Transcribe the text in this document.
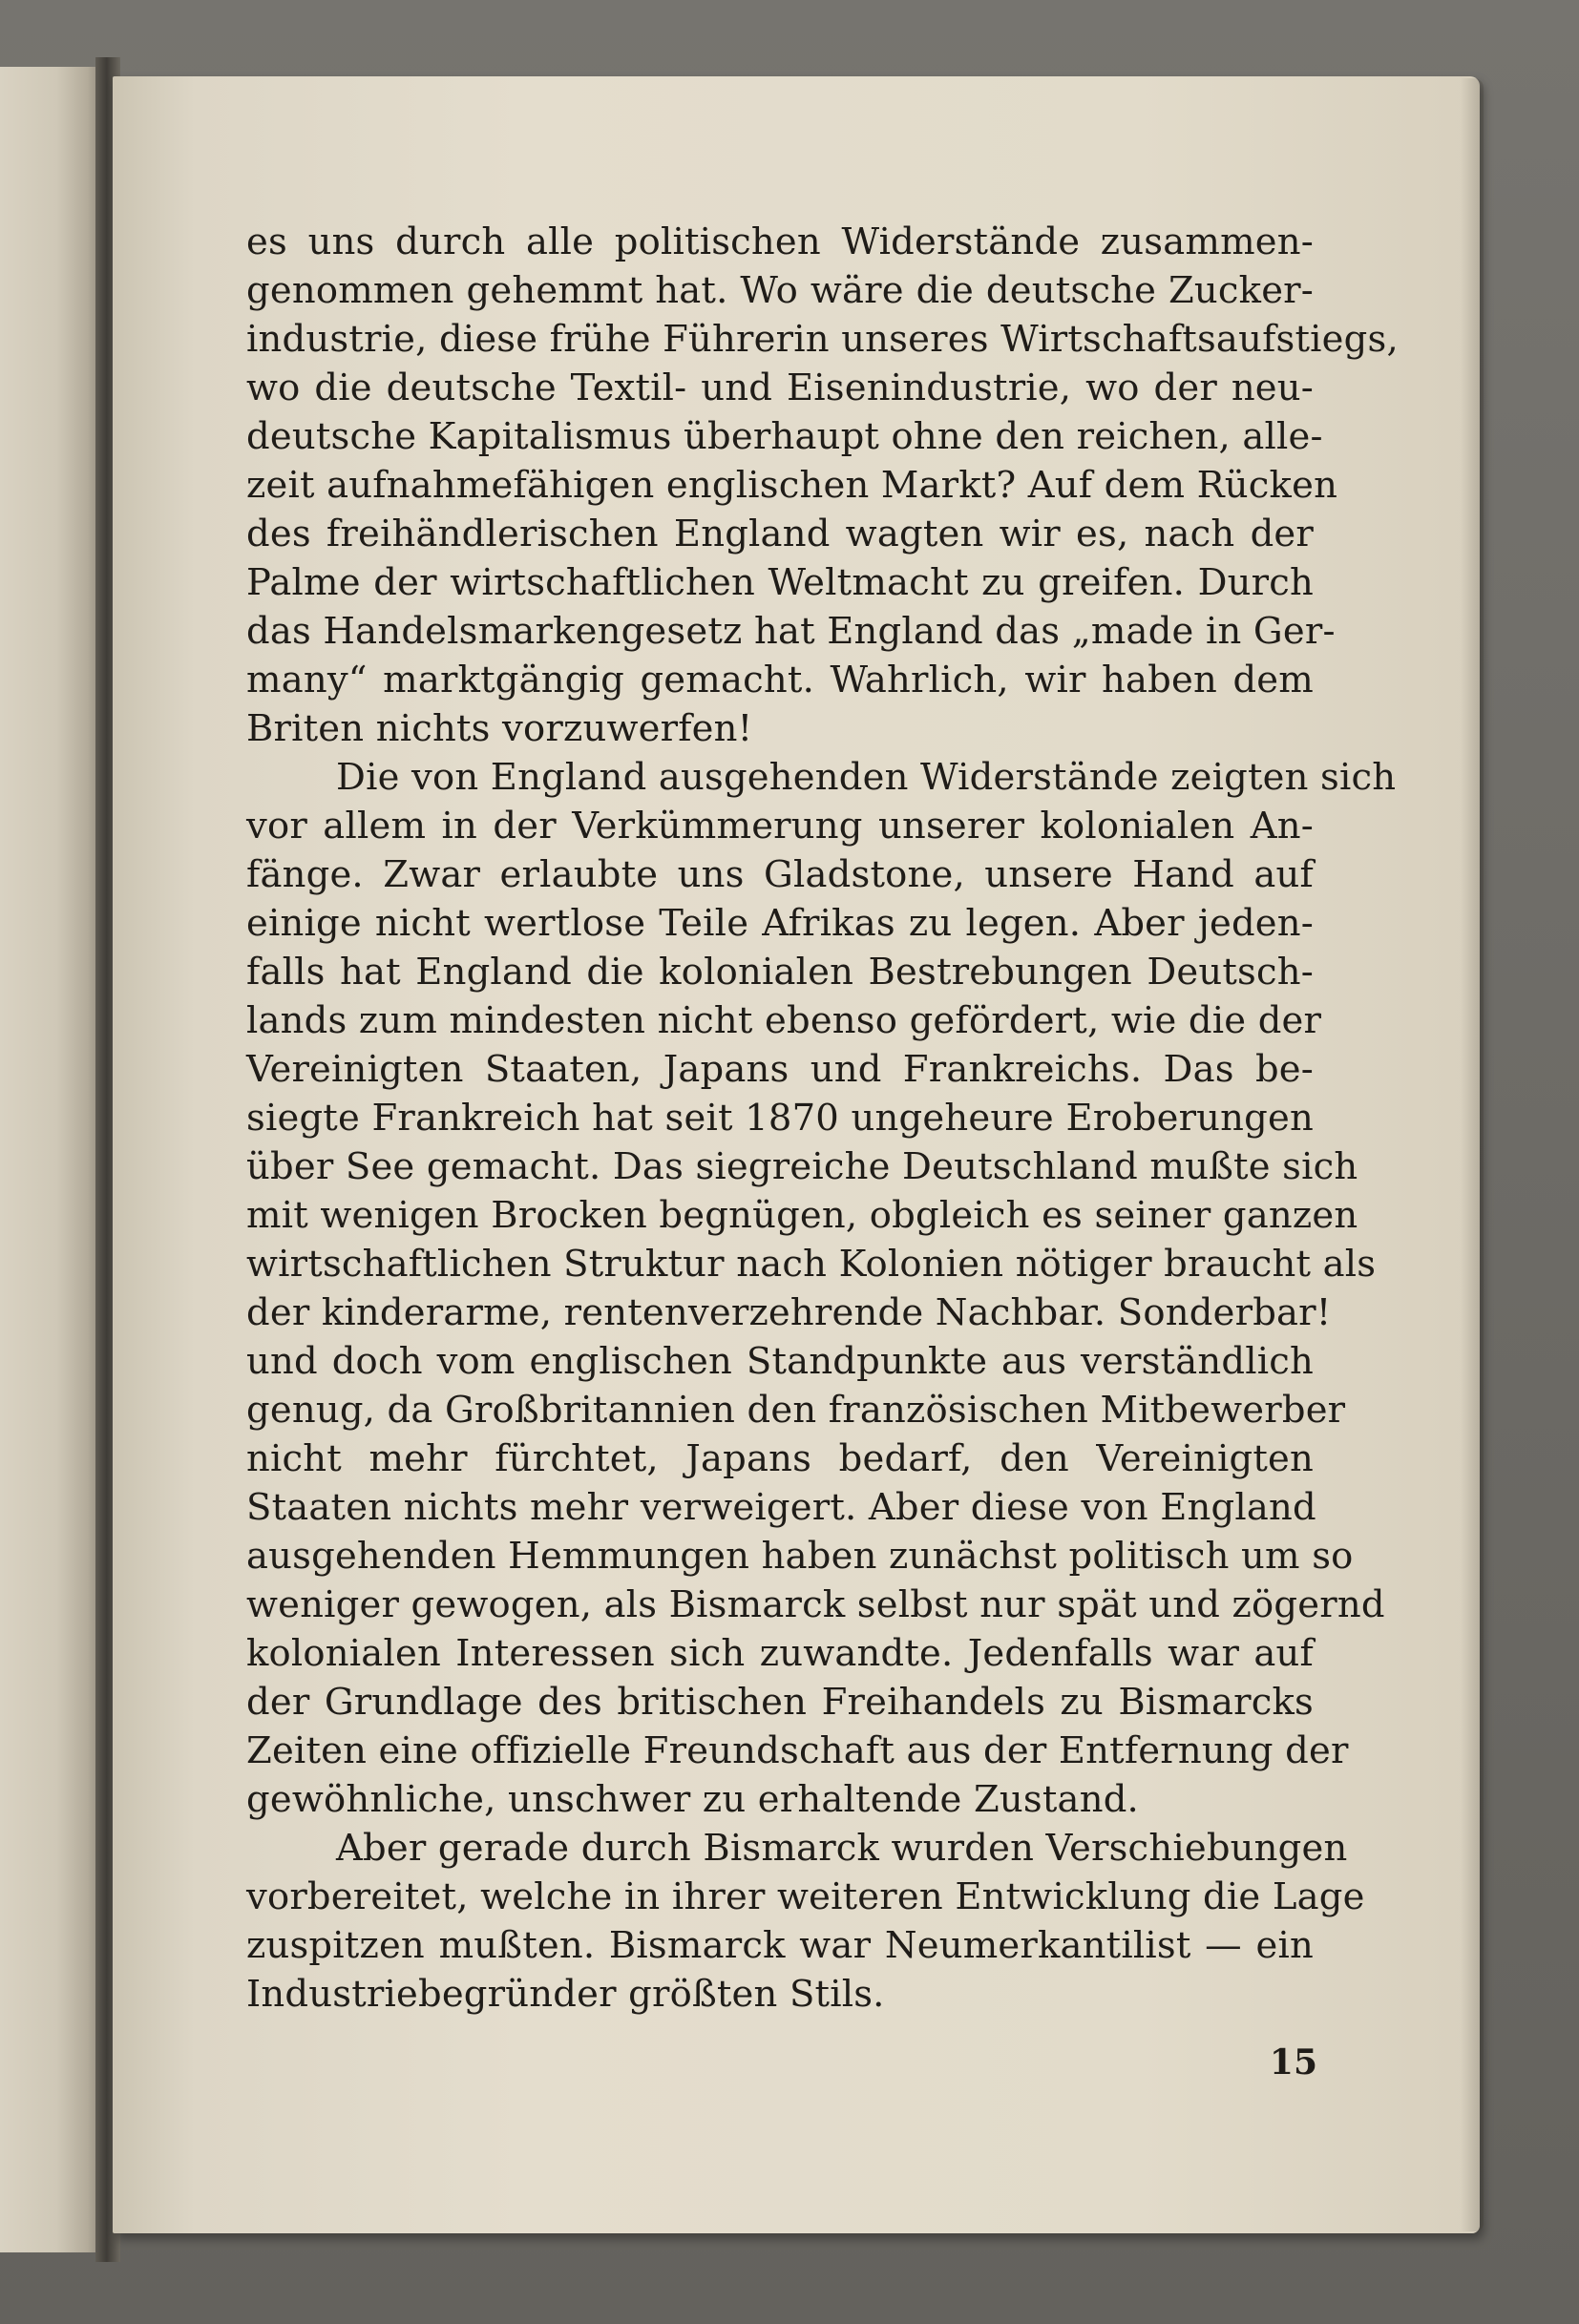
es uns durch alle politischen Widerstände zusammen-
genommen gehemmt hat. Wo wäre die deutsche Zucker-
industrie, diese frühe Führerin unseres Wirtschaftsaufstiegs,
wo die deutsche Textil- und Eisenindustrie, wo der neu-
deutsche Kapitalismus überhaupt ohne den reichen, alle-
zeit aufnahmefähigen englischen Markt? Auf dem Rücken
des freihändlerischen England wagten wir es, nach der
Palme der wirtschaftlichen Weltmacht zu greifen. Durch
das Handelsmarkengesetz hat England das „made in Ger-
many“ marktgängig gemacht. Wahrlich, wir haben dem
Briten nichts vorzuwerfen!
Die von England ausgehenden Widerstände zeigten sich
vor allem in der Verkümmerung unserer kolonialen An-
fänge. Zwar erlaubte uns Gladstone, unsere Hand auf
einige nicht wertlose Teile Afrikas zu legen. Aber jeden-
falls hat England die kolonialen Bestrebungen Deutsch-
lands zum mindesten nicht ebenso gefördert, wie die der
Vereinigten Staaten, Japans und Frankreichs. Das be-
siegte Frankreich hat seit 1870 ungeheure Eroberungen
über See gemacht. Das siegreiche Deutschland mußte sich
mit wenigen Brocken begnügen, obgleich es seiner ganzen
wirtschaftlichen Struktur nach Kolonien nötiger braucht als
der kinderarme, rentenverzehrende Nachbar. Sonderbar!
und doch vom englischen Standpunkte aus verständlich
genug, da Großbritannien den französischen Mitbewerber
nicht mehr fürchtet, Japans bedarf, den Vereinigten
Staaten nichts mehr verweigert. Aber diese von England
ausgehenden Hemmungen haben zunächst politisch um so
weniger gewogen, als Bismarck selbst nur spät und zögernd
kolonialen Interessen sich zuwandte. Jedenfalls war auf
der Grundlage des britischen Freihandels zu Bismarcks
Zeiten eine offizielle Freundschaft aus der Entfernung der
gewöhnliche, unschwer zu erhaltende Zustand.
Aber gerade durch Bismarck wurden Verschiebungen
vorbereitet, welche in ihrer weiteren Entwicklung die Lage
zuspitzen mußten. Bismarck war Neumerkantilist — ein
Industriebegründer größten Stils.
15
